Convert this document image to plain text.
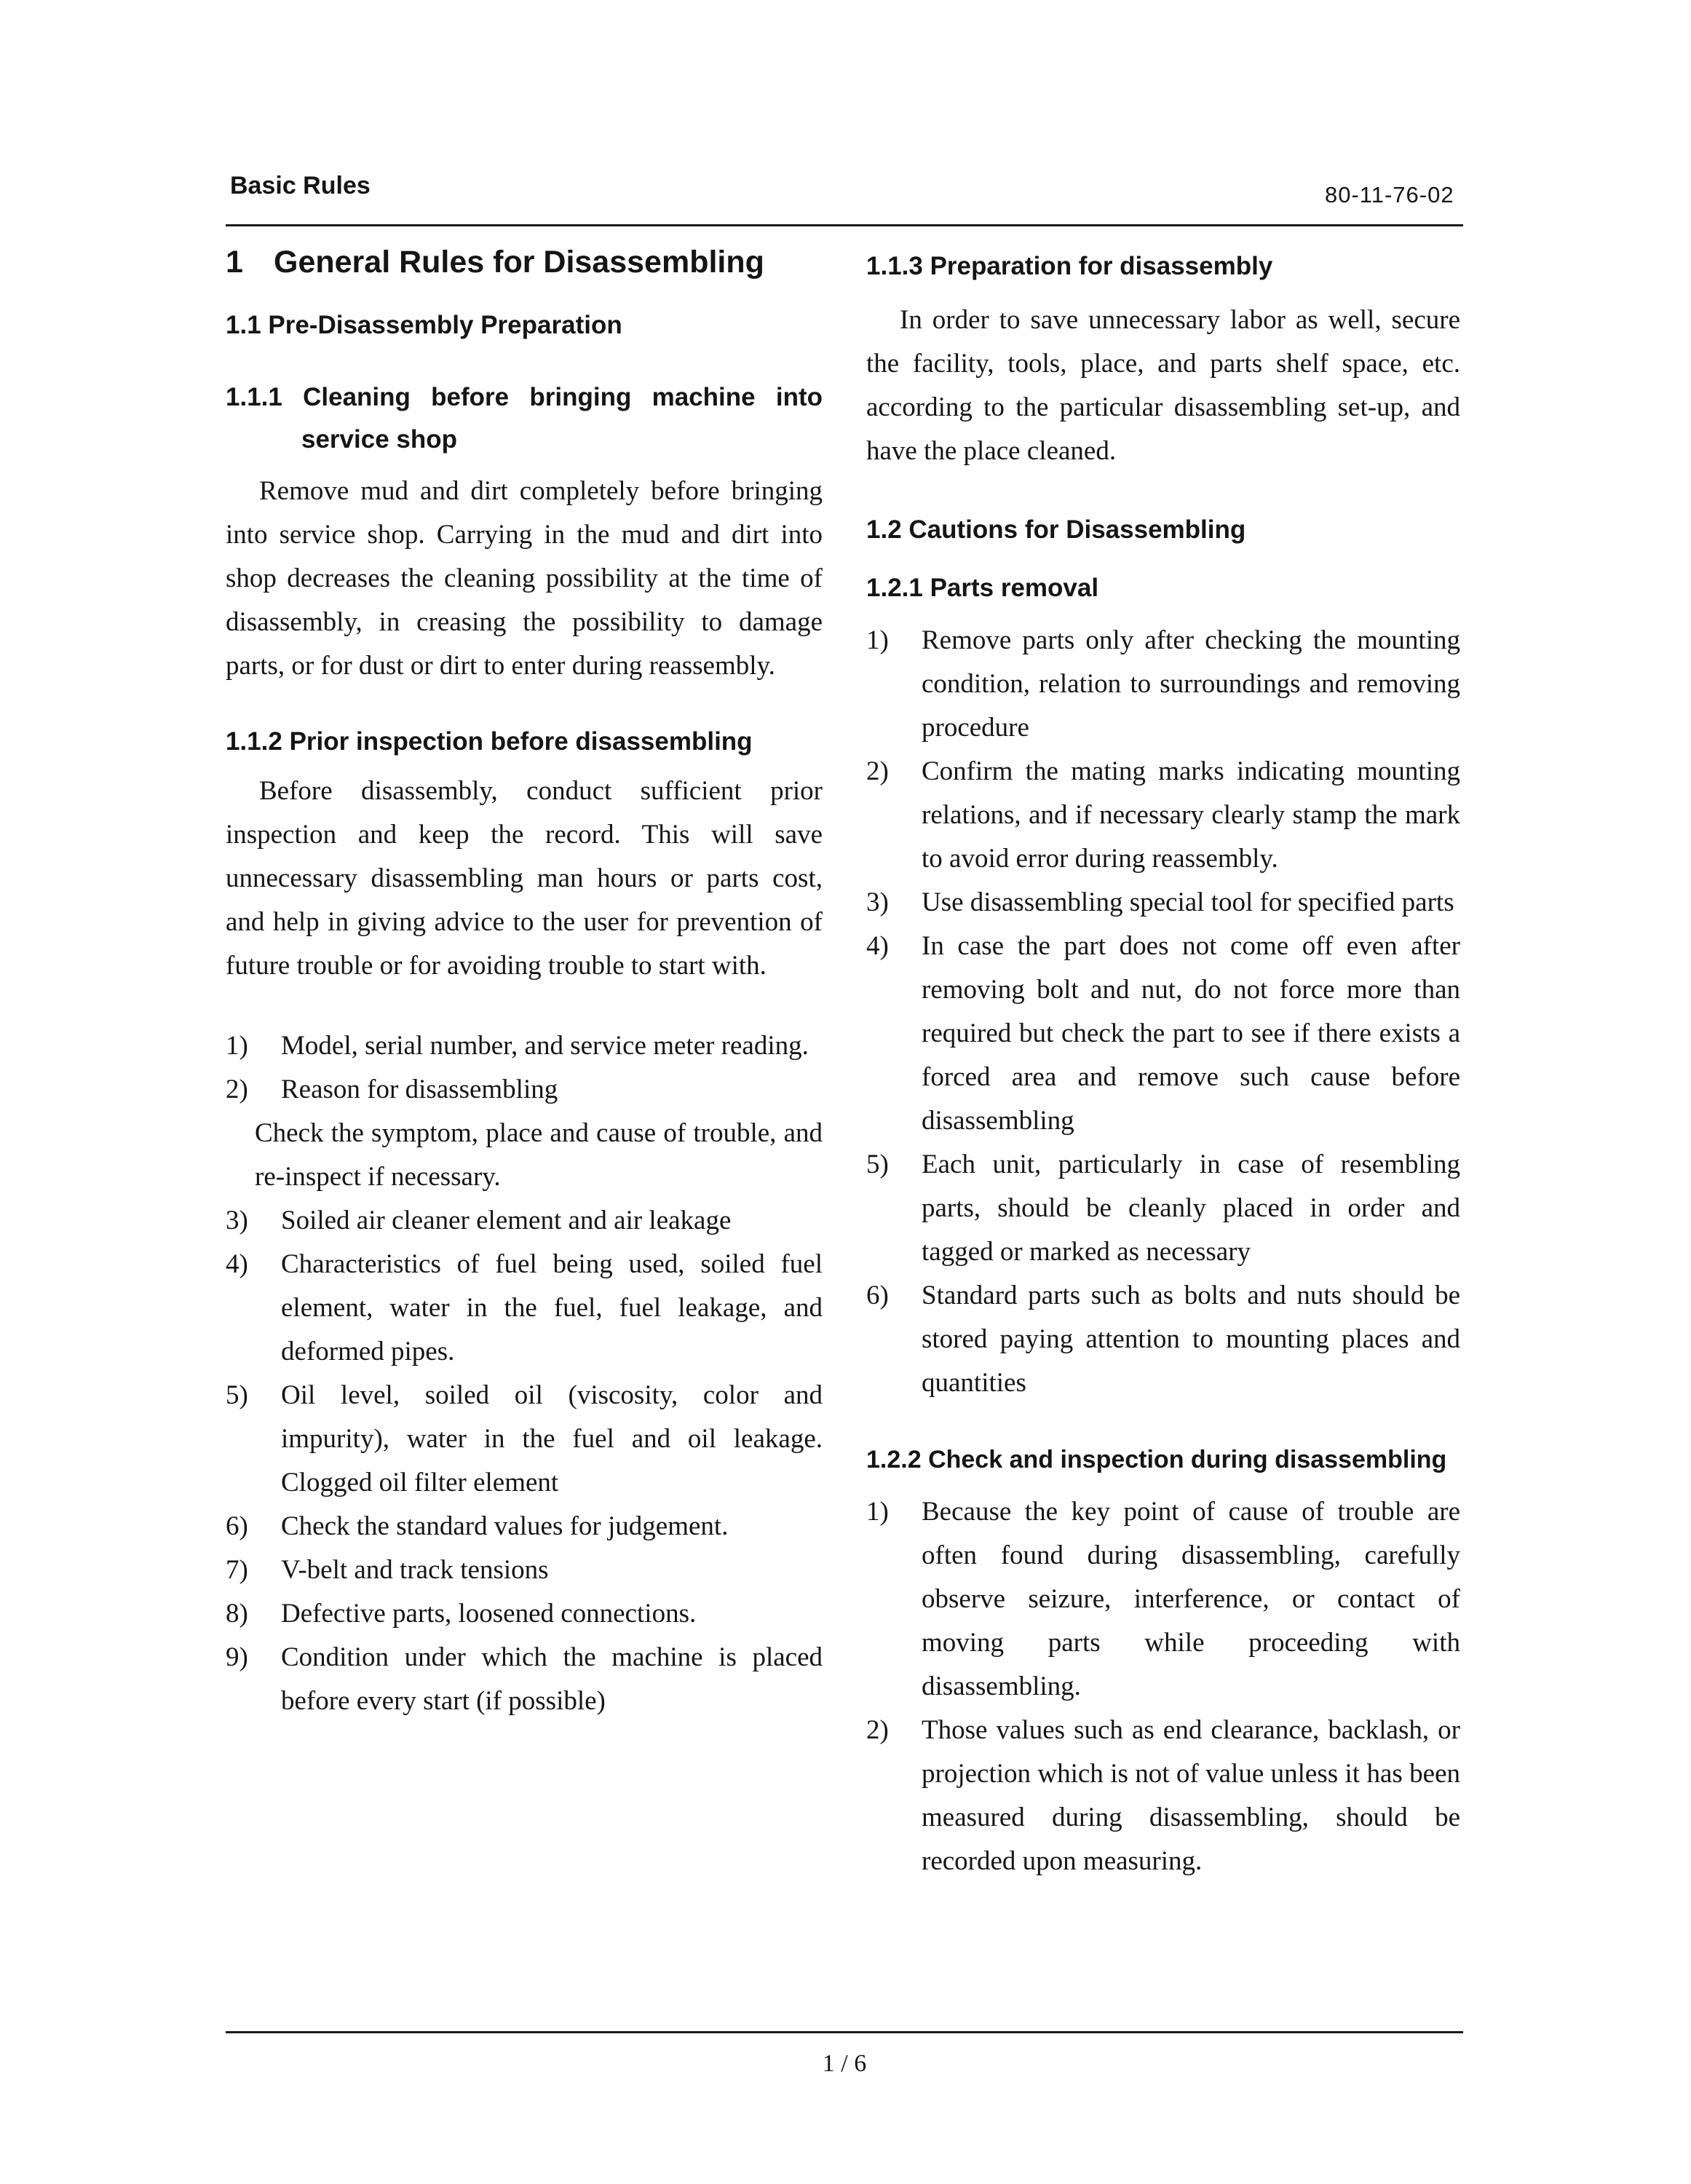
Basic Rules	80-11-76-02
1 General Rules for Disassembling
1.1 Pre-Disassembly Preparation
1.1.1 Cleaning before bringing machine into
service shop

Remove mud and dirt completely before bringing into service shop. Carrying in the mud and dirt into shop decreases the cleaning possibility at the time of disassembly, in creasing the possibility to damage parts, or for dust or dirt to enter during reassembly.

1.1.2 Prior inspection before disassembling

Before disassembly, conduct sufficient prior inspection and keep the record. This will save unnecessary disassembling man hours or parts cost, and help in giving advice to the user for prevention of future trouble or for avoiding trouble to start with.

1)	Model, serial number, and service meter reading.
2)	Reason for disassembling
Check the symptom, place and cause of trouble, and re-inspect if necessary.
3)	Soiled air cleaner element and air leakage
4)	Characteristics of fuel being used, soiled fuel element, water in the fuel, fuel leakage, and deformed pipes.
5)	Oil level, soiled oil (viscosity, color and impurity), water in the fuel and oil leakage. Clogged oil filter element
6)	Check the standard values for judgement.
7)	V-belt and track tensions
8)	Defective parts, loosened connections.
9)	Condition under which the machine is placed before every start (if possible)
1.1.3 Preparation for disassembly

In order to save unnecessary labor as well, secure the facility, tools, place, and parts shelf space, etc. according to the particular disassembling set-up, and have the place cleaned.

1.2 Cautions for Disassembling
1.2.1 Parts removal
1)	Remove parts only after checking the mounting condition, relation to surroundings and removing procedure
2)	Confirm the mating marks indicating mounting relations, and if necessary clearly stamp the mark to avoid error during reassembly.
3)	Use disassembling special tool for specified parts
4)	In case the part does not come off even after removing bolt and nut, do not force more than required but check the part to see if there exists a forced area and remove such cause before disassembling
5)	Each unit, particularly in case of resembling parts, should be cleanly placed in order and tagged or marked as necessary
6)	Standard parts such as bolts and nuts should be stored paying attention to mounting places and quantities
1.2.2 Check and inspection during disassembling
1)	Because the key point of cause of trouble are often found during disassembling, carefully observe seizure, interference, or contact of moving parts while proceeding with disassembling.
2)	Those values such as end clearance, backlash, or projection which is not of value unless it has been measured during disassembling, should be recorded upon measuring.
1 / 6
